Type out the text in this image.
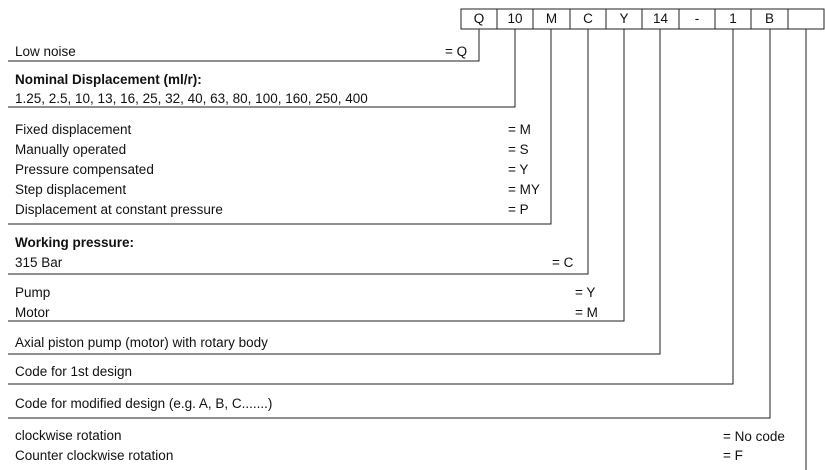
Q	10	M	C	Y	14	-	1	B
Low noise	= Q
Nominal Displacement (ml/r):
1.25, 2.5, 10, 13, 16, 25, 32, 40, 63, 80, 100, 160, 250, 400
Fixed displacement	= M
Manually operated	= S
Pressure compensated	= Y
Step displacement	= MY
Displacement at constant pressure	= P
Working pressure:
315 Bar	= C
Pump	= Y
Motor	= M
Axial piston pump (motor) with rotary body
Code for 1st design
Code for modified design (e.g. A, B, C.......)
clockwise rotation	= No code
Counter clockwise rotation	= F
